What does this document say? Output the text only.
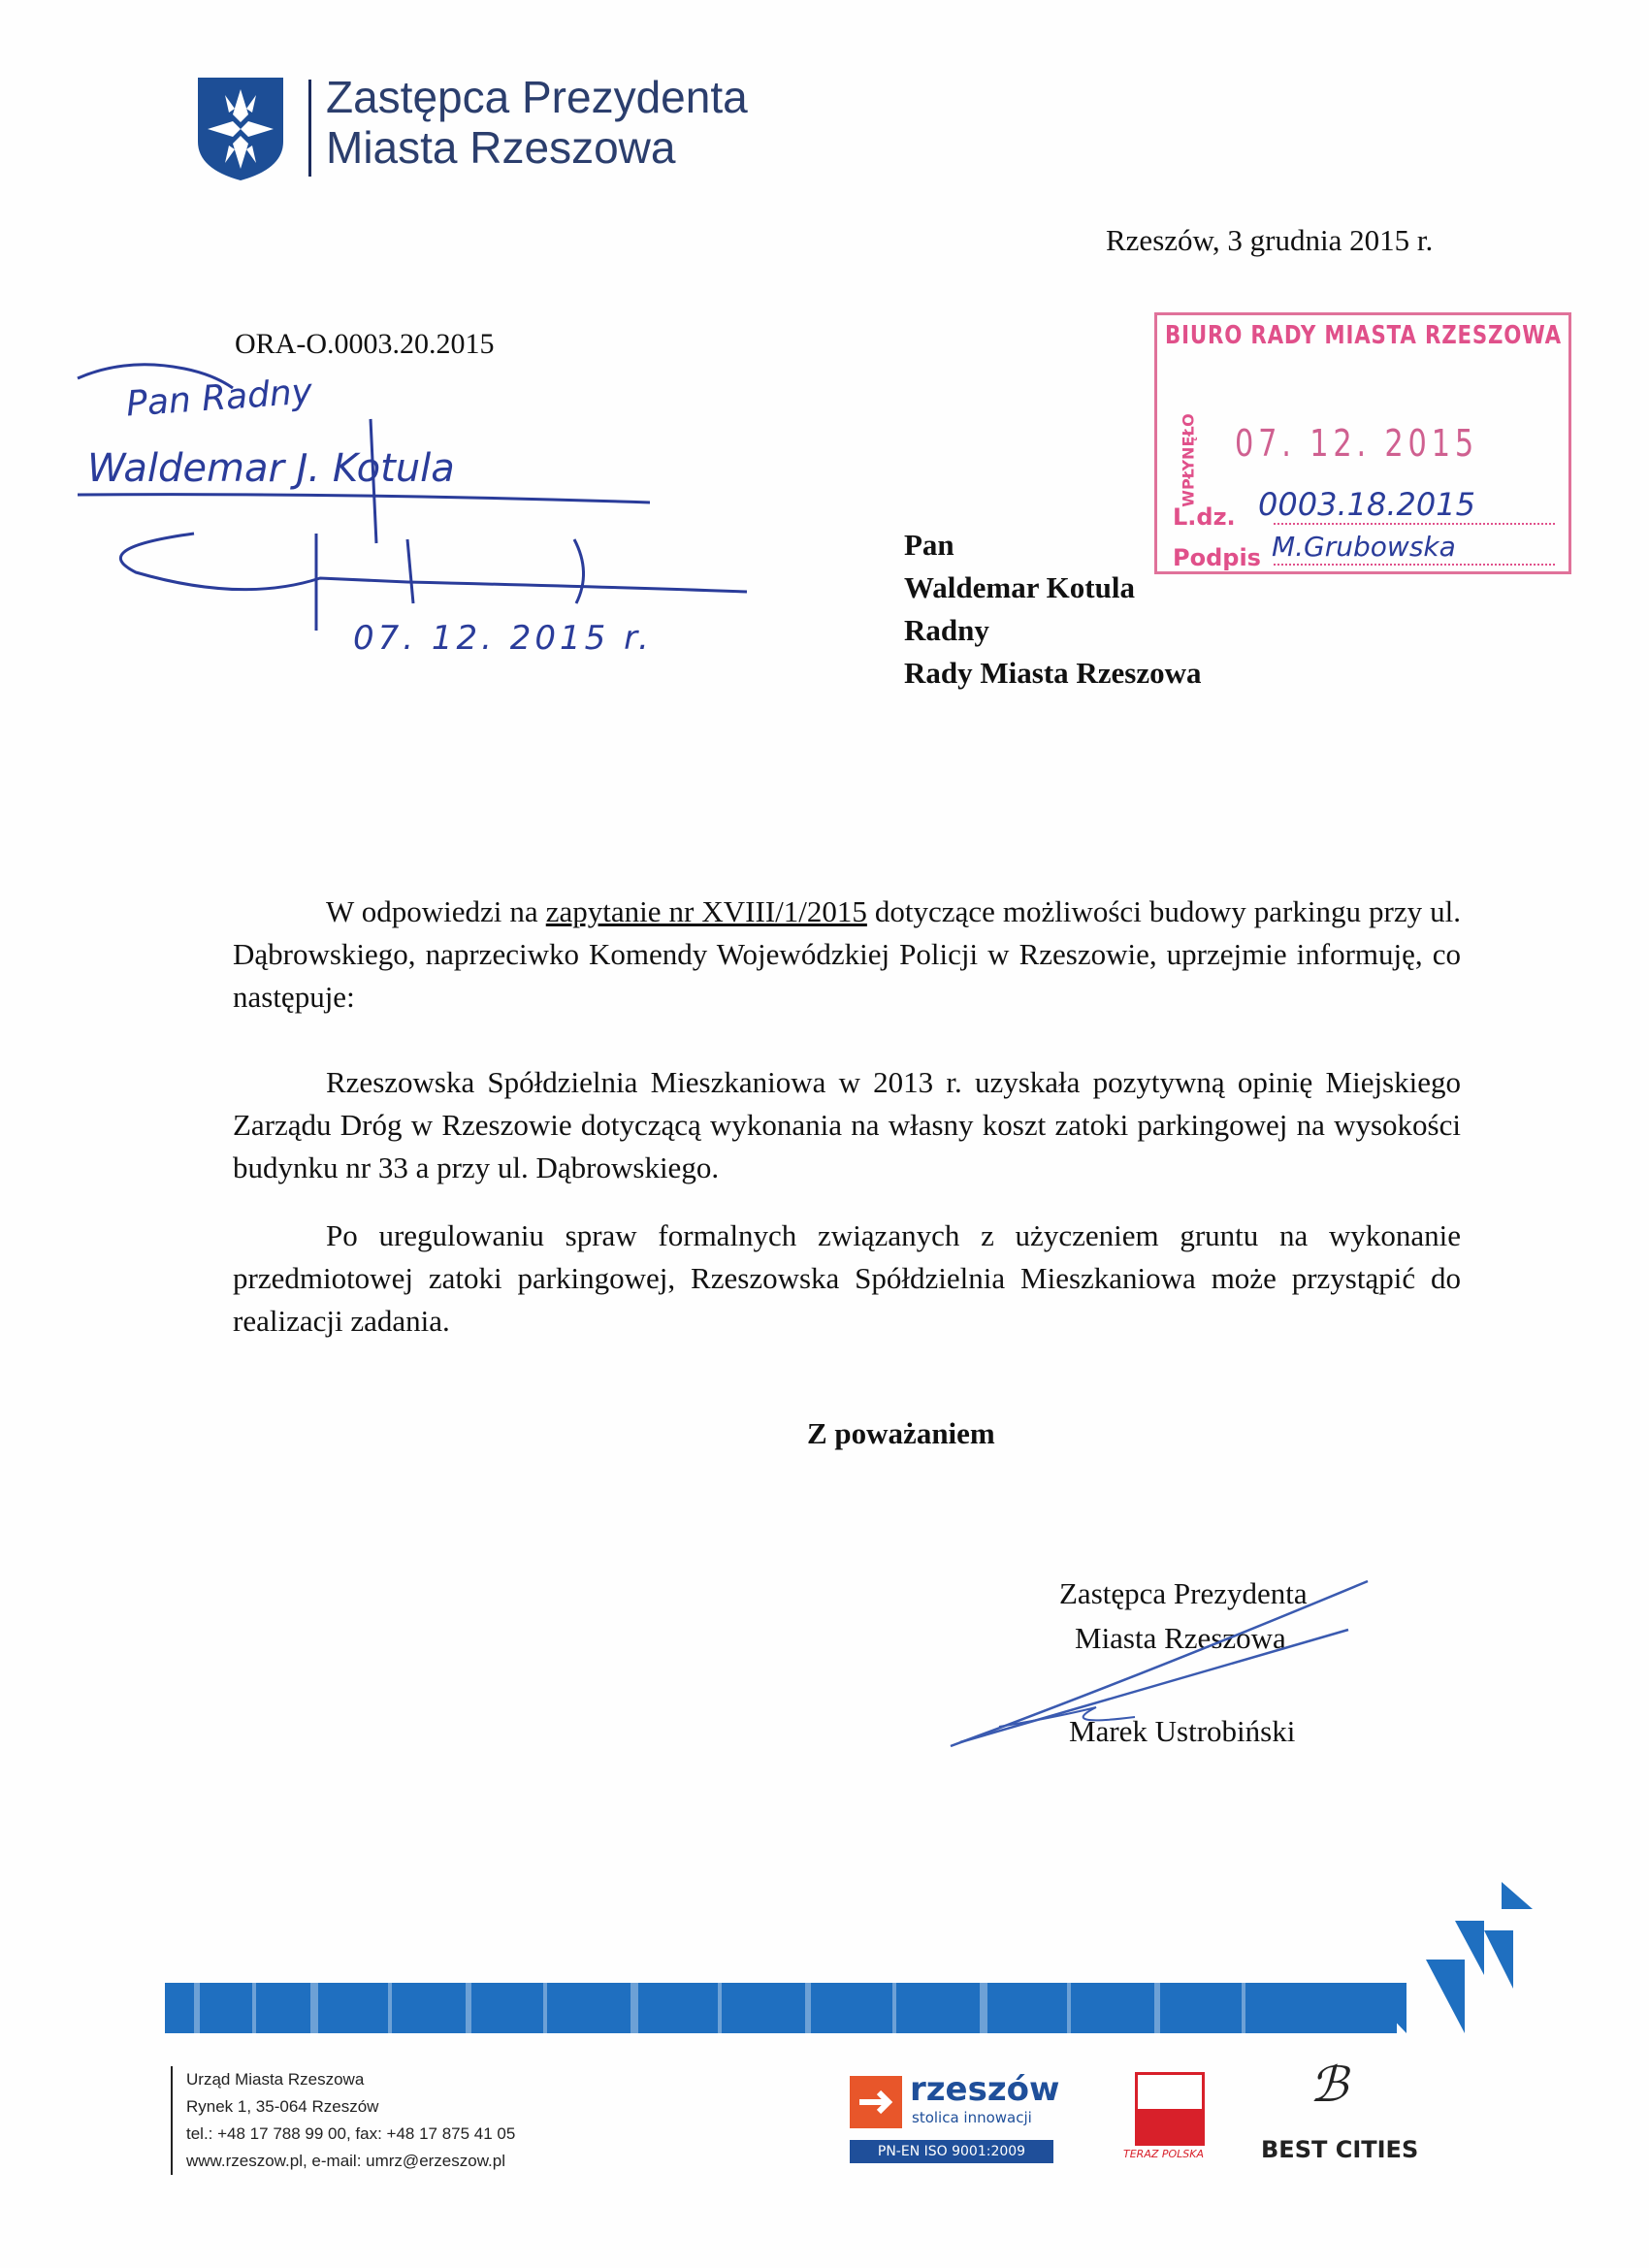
Zastępca Prezydenta
Miasta Rzeszowa
Rzeszów, 3 grudnia 2015 r.
ORA-O.0003.20.2015
Pan Radny
Waldemar J. Kotula
07. 12. 2015 r.
BIURO RADY MIASTA RZESZOWA
WPŁYNĘŁO 07. 12. 2015
L.dz. 0003.18.2015
Podpis M.Grubowska
Pan
Waldemar Kotula
Radny
Rady Miasta Rzeszowa
W odpowiedzi na zapytanie nr XVIII/1/2015 dotyczące możliwości budowy parkingu przy ul. Dąbrowskiego, naprzeciwko Komendy Wojewódzkiej Policji w Rzeszowie, uprzejmie informuję, co następuje:
Rzeszowska Spółdzielnia Mieszkaniowa w 2013 r. uzyskała pozytywną opinię Miejskiego Zarządu Dróg w Rzeszowie dotyczącą wykonania na własny koszt zatoki parkingowej na wysokości budynku nr 33 a przy ul. Dąbrowskiego.
Po uregulowaniu spraw formalnych związanych z użyczeniem gruntu na wykonanie przedmiotowej zatoki parkingowej, Rzeszowska Spółdzielnia Mieszkaniowa może przystąpić do realizacji zadania.
Z poważaniem
Zastępca Prezydenta
Miasta Rzeszowa
Marek Ustrobiński
Urząd Miasta Rzeszowa
Rynek 1, 35-064 Rzeszów
tel.: +48 17 788 99 00, fax: +48 17 875 41 05
www.rzeszow.pl, e-mail: umrz@erzeszow.pl
rzeszów
stolica innowacji
PN-EN ISO 9001:2009	TERAZ POLSKA
ℬ
BEST CITIES
